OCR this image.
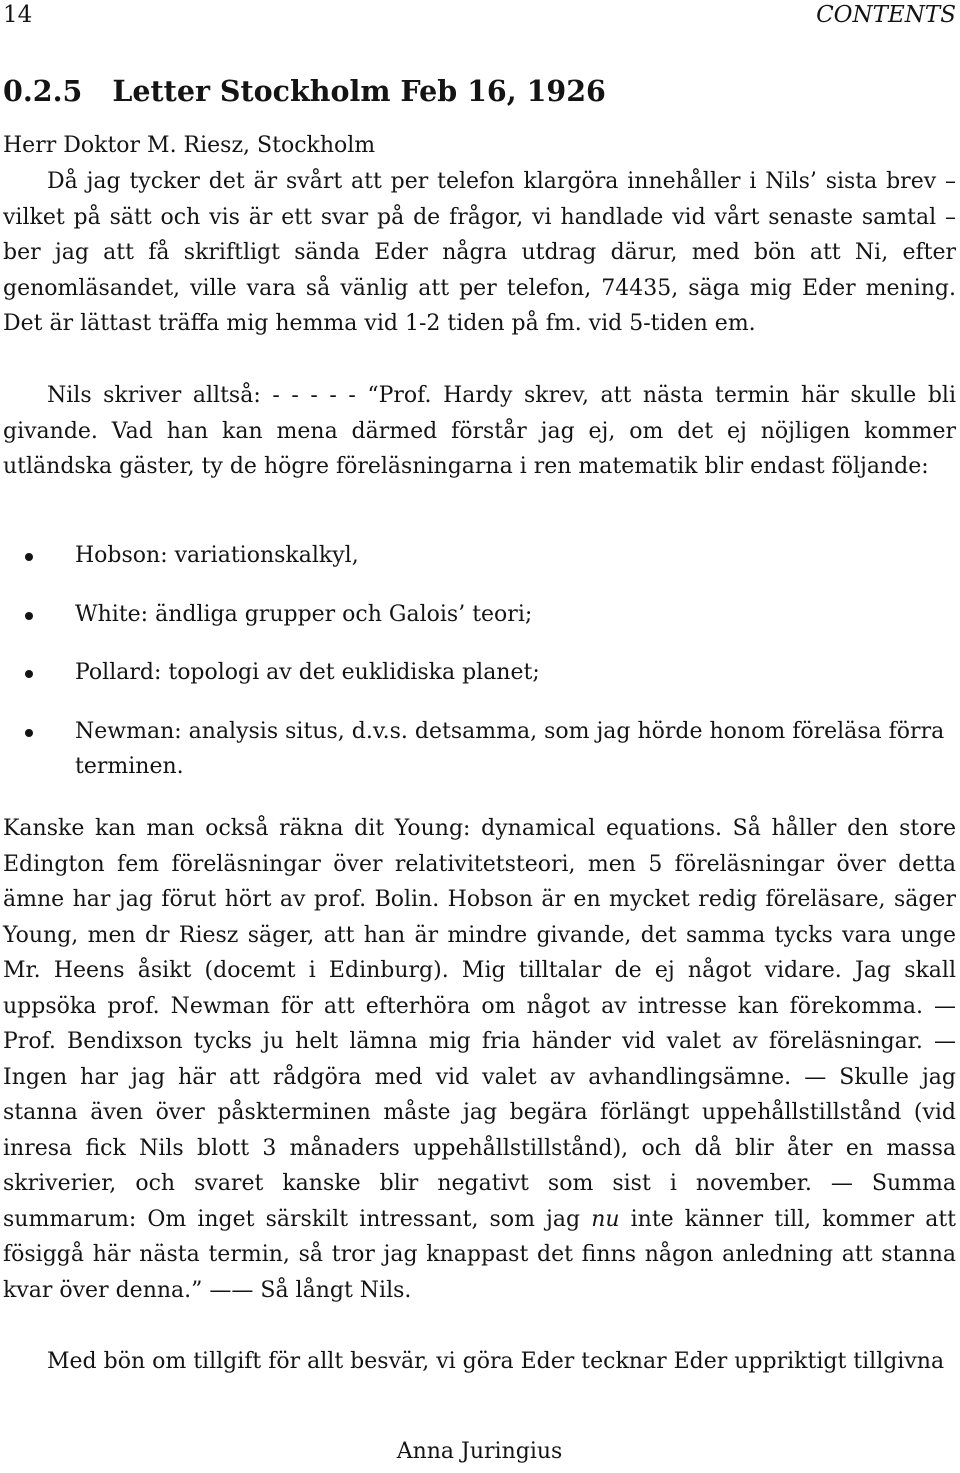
14	CONTENTS
0.2.5 Letter Stockholm Feb 16, 1926

Herr Doktor M. Riesz, Stockholm

Då jag tycker det är svårt att per telefon klargöra innehåller i Nils’ sista brev – vilket på sätt och vis är ett svar på de frågor, vi handlade vid vårt senaste samtal – ber jag att få skriftligt sända Eder några utdrag därur, med bön att Ni, efter genomläsandet, ville vara så vänlig att per telefon, 74435, säga mig Eder mening. Det är lättast träffa mig hemma vid 1-2 tiden på fm. vid 5-tiden em.

Nils skriver alltså: - - - - - “Prof. Hardy skrev, att nästa termin här skulle bli givande. Vad han kan mena därmed förstår jag ej, om det ej nöjligen kommer utländska gäster, ty de högre föreläsningarna i ren matematik blir endast följande:

Hobson: variationskalkyl,
White: ändliga grupper och Galois’ teori;
Pollard: topologi av det euklidiska planet;
Newman: analysis situs, d.v.s. detsamma, som jag hörde honom föreläsa förra terminen.

Kanske kan man också räkna dit Young: dynamical equations. Så håller den store Edington fem föreläsningar över relativitetsteori, men 5 föreläsningar över detta ämne har jag förut hört av prof. Bolin. Hobson är en mycket redig föreläsare, säger Young, men dr Riesz säger, att han är mindre givande, det samma tycks vara unge Mr. Heens åsikt (docemt i Edinburg). Mig tilltalar de ej något vidare. Jag skall uppsöka prof. Newman för att efterhöra om något av intresse kan förekomma. — Prof. Bendixson tycks ju helt lämna mig fria händer vid valet av föreläsningar. — Ingen har jag här att rådgöra med vid valet av avhandlingsämne. — Skulle jag stanna även över påskterminen måste jag begära förlängt uppehållstillstånd (vid inresa fick Nils blott 3 månaders uppehållstillstånd), och då blir åter en massa skriverier, och svaret kanske blir negativt som sist i november. — Summa summarum: Om inget särskilt intressant, som jag nu inte känner till, kommer att fösiggå här nästa termin, så tror jag knappast det finns någon anledning att stanna kvar över denna.” —— Så långt Nils.

Med bön om tillgift för allt besvär, vi göra Eder tecknar Eder uppriktigt tillgivna

Anna Juringius
